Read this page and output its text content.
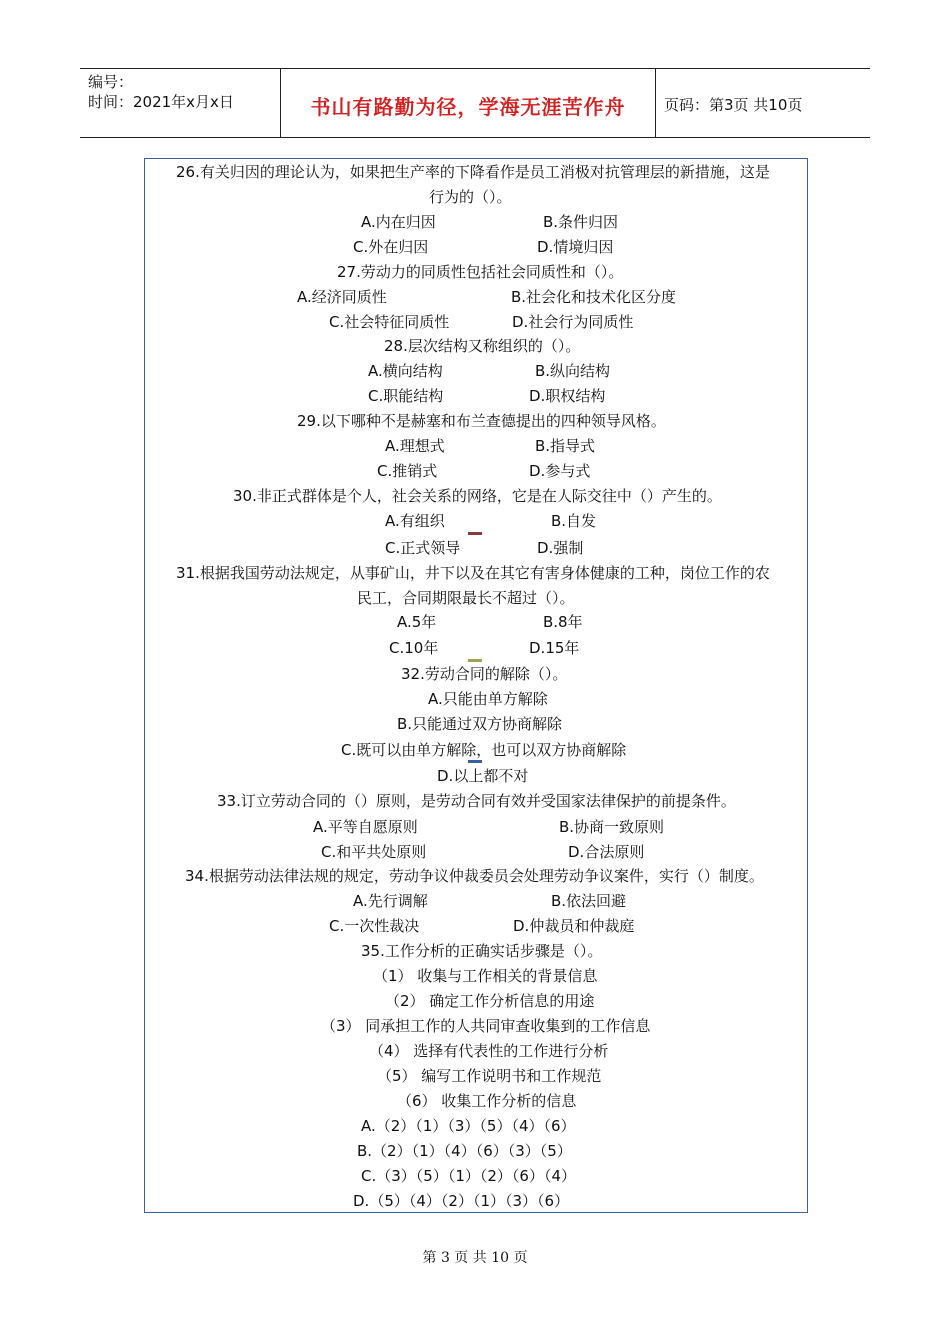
编号：
时间：2021年x月x日	书山有路勤为径，学海无涯苦作舟	页码：第3页 共10页
26.有关归因的理论认为，如果把生产率的下降看作是员工消极对抗管理层的新措施，这是
行为的（）。
A.内在归因	B.条件归因
C.外在归因	D.情境归因
27.劳动力的同质性包括社会同质性和（）。
A.经济同质性	B.社会化和技术化区分度
C.社会特征同质性	D.社会行为同质性
28.层次结构又称组织的（）。
A.横向结构	B.纵向结构
C.职能结构	D.职权结构
29.以下哪种不是赫塞和布兰查德提出的四种领导风格。
A.理想式	B.指导式
C.推销式	D.参与式
30.非正式群体是个人，社会关系的网络，它是在人际交往中（）产生的。
A.有组织	B.自发
C.正式领导	D.强制
31.根据我国劳动法规定，从事矿山，井下以及在其它有害身体健康的工种，岗位工作的农
民工，合同期限最长不超过（）。
A.5年	B.8年
C.10年	D.15年
32.劳动合同的解除（）。
A.只能由单方解除
B.只能通过双方协商解除
C.既可以由单方解除，也可以双方协商解除
D.以上都不对
33.订立劳动合同的（）原则，是劳动合同有效并受国家法律保护的前提条件。
A.平等自愿原则	B.协商一致原则
C.和平共处原则	D.合法原则
34.根据劳动法律法规的规定，劳动争议仲裁委员会处理劳动争议案件，实行（）制度。
A.先行调解	B.依法回避
C.一次性裁决	D.仲裁员和仲裁庭
35.工作分析的正确实话步骤是（）。
（1） 收集与工作相关的背景信息
（2） 确定工作分析信息的用途
（3） 同承担工作的人共同审查收集到的工作信息
（4） 选择有代表性的工作进行分析
（5） 编写工作说明书和工作规范
（6） 收集工作分析的信息
A.（2）（1）（3）（5）（4）（6）
B.（2）（1）（4）（6）（3）（5）
C.（3）（5）（1）（2）（6）（4）
D.（5）（4）（2）（1）（3）（6）
第 3 页 共 10 页
